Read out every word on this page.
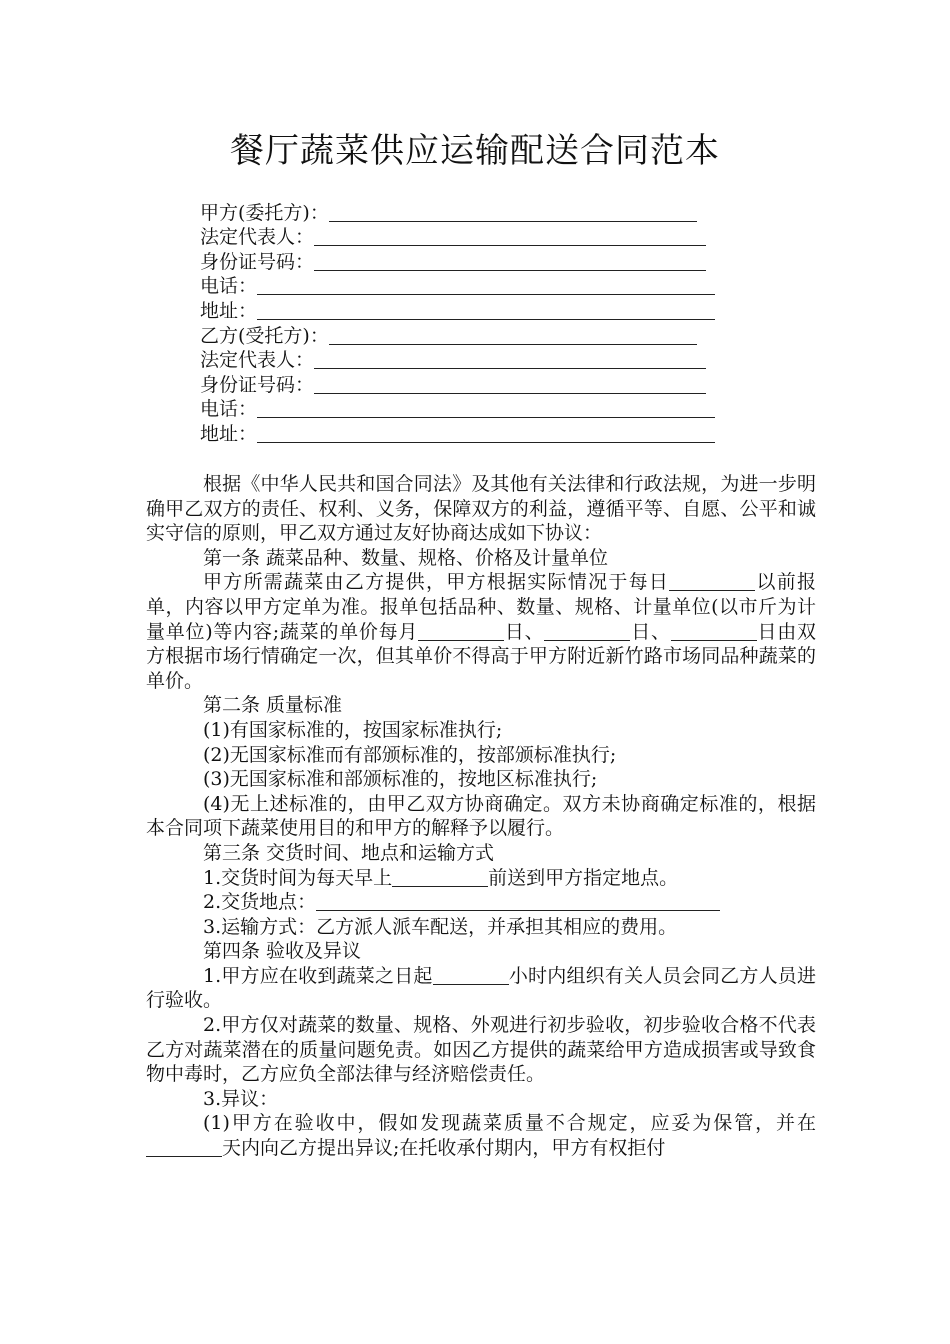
餐厅蔬菜供应运输配送合同范本
甲方(委托方)：
法定代表人：
身份证号码：
电话：
地址：
乙方(受托方)：
法定代表人：
身份证号码：
电话：
地址：

根据《中华人民共和国合同法》及其他有关法律和行政法规，为进一步明确甲乙双方的责任、权利、义务，保障双方的利益，遵循平等、自愿、公平和诚实守信的原则，甲乙双方通过友好协商达成如下协议：

第一条 蔬菜品种、数量、规格、价格及计量单位

甲方所需蔬菜由乙方提供，甲方根据实际情况于每日	以前报单，内容以甲方定单为准。报单包括品种、数量、规格、计量单位(以市斤为计量单位)等内容;蔬菜的单价每月	日、	日、	日由双方根据市场行情确定一次，但其单价不得高于甲方附近新竹路市场同品种蔬菜的单价。

第二条 质量标准

(1)有国家标准的，按国家标准执行;

(2)无国家标准而有部颁标准的，按部颁标准执行;

(3)无国家标准和部颁标准的，按地区标准执行;

(4)无上述标准的，由甲乙双方协商确定。双方未协商确定标准的，根据本合同项下蔬菜使用目的和甲方的解释予以履行。

第三条 交货时间、地点和运输方式

1.交货时间为每天早上	前送到甲方指定地点。

2.交货地点：

3.运输方式：乙方派人派车配送，并承担其相应的费用。

第四条 验收及异议

1.甲方应在收到蔬菜之日起	小时内组织有关人员会同乙方人员进行验收。

2.甲方仅对蔬菜的数量、规格、外观进行初步验收，初步验收合格不代表乙方对蔬菜潜在的质量问题免责。如因乙方提供的蔬菜给甲方造成损害或导致食物中毒时，乙方应负全部法律与经济赔偿责任。

3.异议：

(1)甲方在验收中，假如发现蔬菜质量不合规定，应妥为保管，并在天内向乙方提出异议;在托收承付期内，甲方有权拒付
